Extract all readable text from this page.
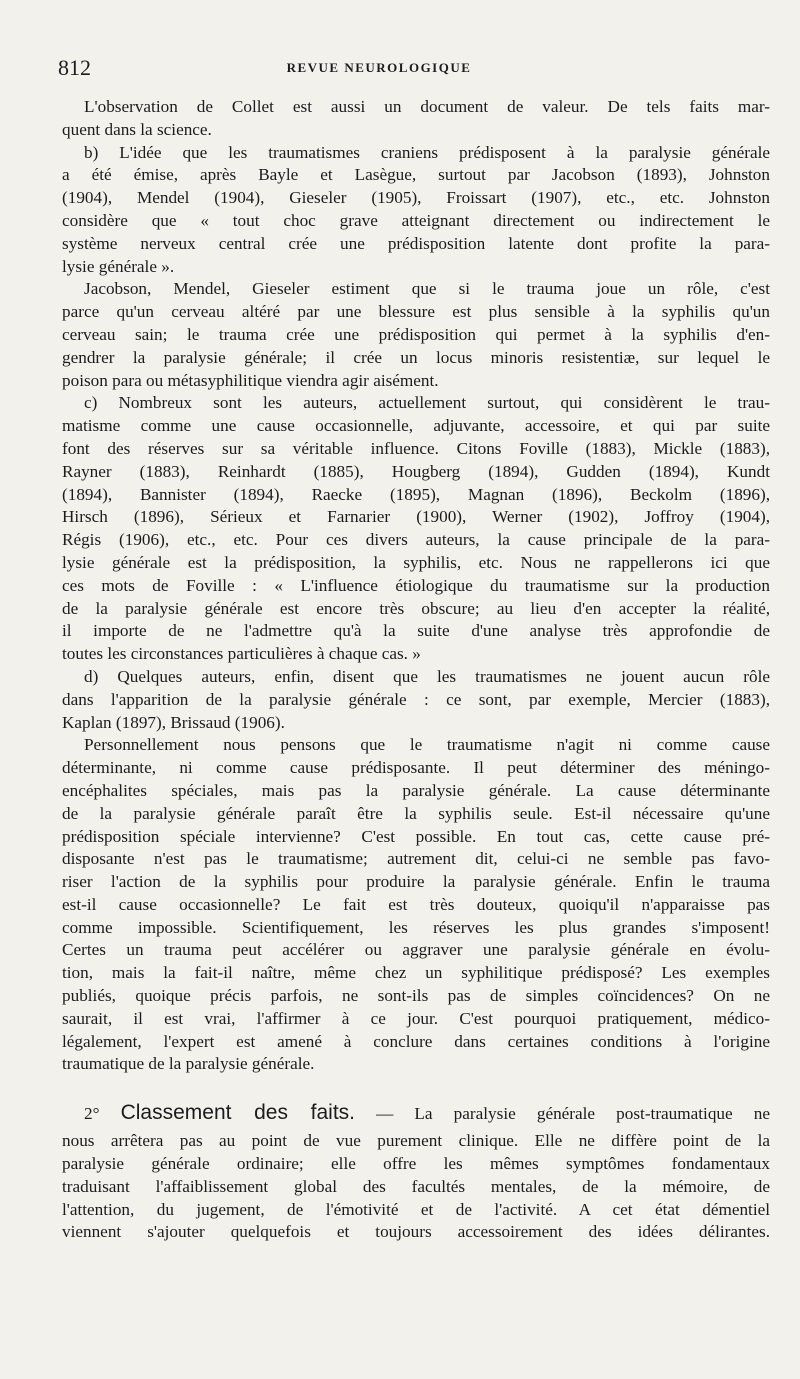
812	REVUE NEUROLOGIQUE
L'observation de Collet est aussi un document de valeur. De tels faits mar-
quent dans la science.
b) L'idée que les traumatismes craniens prédisposent à la paralysie générale
a été émise, après Bayle et Lasègue, surtout par Jacobson (1893), Johnston
(1904), Mendel (1904), Gieseler (1905), Froissart (1907), etc., etc. Johnston
considère que « tout choc grave atteignant directement ou indirectement le
système nerveux central crée une prédisposition latente dont profite la para-
lysie générale ».
Jacobson, Mendel, Gieseler estiment que si le trauma joue un rôle, c'est
parce qu'un cerveau altéré par une blessure est plus sensible à la syphilis qu'un
cerveau sain; le trauma crée une prédisposition qui permet à la syphilis d'en-
gendrer la paralysie générale; il crée un locus minoris resistentiæ, sur lequel le
poison para ou métasyphilitique viendra agir aisément.
c) Nombreux sont les auteurs, actuellement surtout, qui considèrent le trau-
matisme comme une cause occasionnelle, adjuvante, accessoire, et qui par suite
font des réserves sur sa véritable influence. Citons Foville (1883), Mickle (1883),
Rayner (1883), Reinhardt (1885), Hougberg (1894), Gudden (1894), Kundt
(1894), Bannister (1894), Raecke (1895), Magnan (1896), Beckolm (1896),
Hirsch (1896), Sérieux et Farnarier (1900), Werner (1902), Joffroy (1904),
Régis (1906), etc., etc. Pour ces divers auteurs, la cause principale de la para-
lysie générale est la prédisposition, la syphilis, etc. Nous ne rappellerons ici que
ces mots de Foville : « L'influence étiologique du traumatisme sur la production
de la paralysie générale est encore très obscure; au lieu d'en accepter la réalité,
il importe de ne l'admettre qu'à la suite d'une analyse très approfondie de
toutes les circonstances particulières à chaque cas. »
d) Quelques auteurs, enfin, disent que les traumatismes ne jouent aucun rôle
dans l'apparition de la paralysie générale : ce sont, par exemple, Mercier (1883),
Kaplan (1897), Brissaud (1906).
Personnellement nous pensons que le traumatisme n'agit ni comme cause
déterminante, ni comme cause prédisposante. Il peut déterminer des méningo-
encéphalites spéciales, mais pas la paralysie générale. La cause déterminante
de la paralysie générale paraît être la syphilis seule. Est-il nécessaire qu'une
prédisposition spéciale intervienne? C'est possible. En tout cas, cette cause pré-
disposante n'est pas le traumatisme; autrement dit, celui-ci ne semble pas favo-
riser l'action de la syphilis pour produire la paralysie générale. Enfin le trauma
est-il cause occasionnelle? Le fait est très douteux, quoiqu'il n'apparaisse pas
comme impossible. Scientifiquement, les réserves les plus grandes s'imposent!
Certes un trauma peut accélérer ou aggraver une paralysie générale en évolu-
tion, mais la fait-il naître, même chez un syphilitique prédisposé? Les exemples
publiés, quoique précis parfois, ne sont-ils pas de simples coïncidences? On ne
saurait, il est vrai, l'affirmer à ce jour. C'est pourquoi pratiquement, médico-
légalement, l'expert est amené à conclure dans certaines conditions à l'origine
traumatique de la paralysie générale.
2° Classement des faits. — La paralysie générale post-traumatique ne
nous arrêtera pas au point de vue purement clinique. Elle ne diffère point de la
paralysie générale ordinaire; elle offre les mêmes symptômes fondamentaux
traduisant l'affaiblissement global des facultés mentales, de la mémoire, de
l'attention, du jugement, de l'émotivité et de l'activité. A cet état démentiel
viennent s'ajouter quelquefois et toujours accessoirement des idées délirantes.
